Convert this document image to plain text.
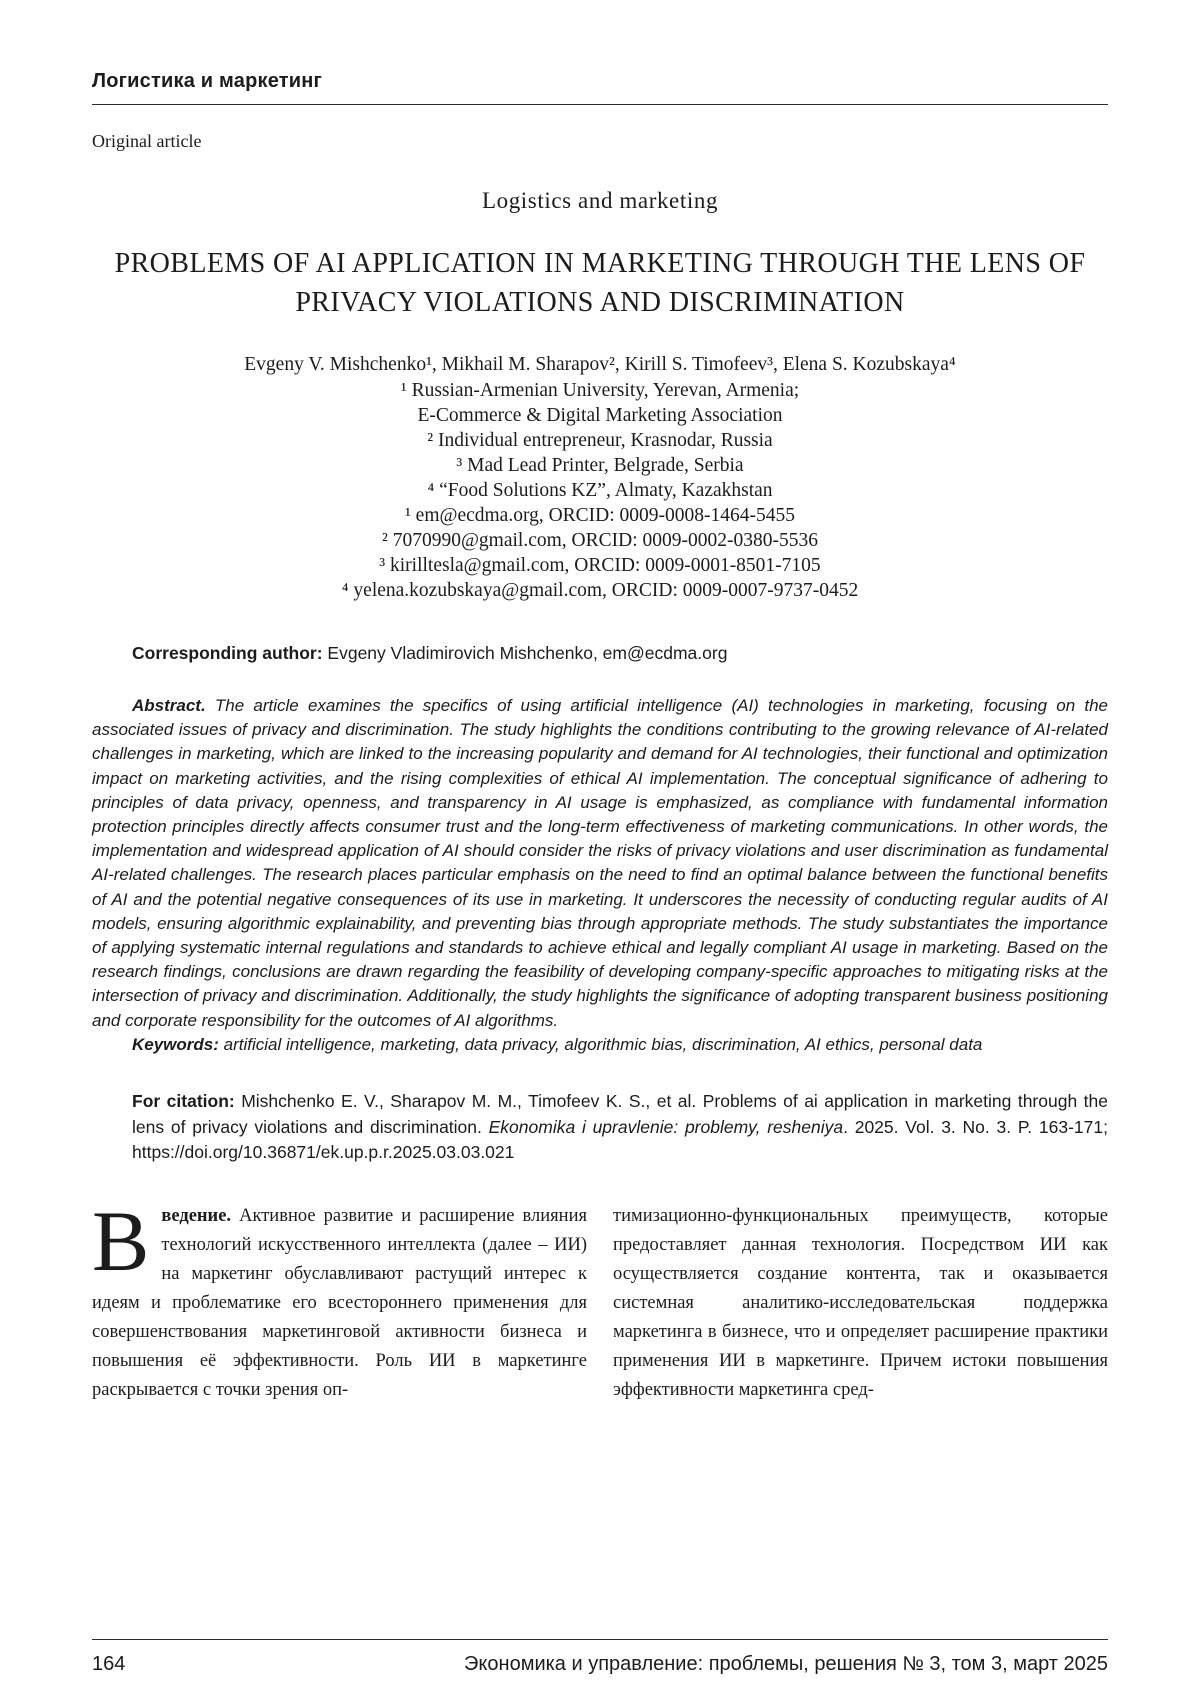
Логистика и маркетинг
Original article
Logistics and marketing
PROBLEMS OF AI APPLICATION IN MARKETING THROUGH THE LENS OF PRIVACY VIOLATIONS AND DISCRIMINATION
Evgeny V. Mishchenko¹, Mikhail M. Sharapov², Kirill S. Timofeev³, Elena S. Kozubskaya⁴
¹ Russian-Armenian University, Yerevan, Armenia;
E-Commerce & Digital Marketing Association
² Individual entrepreneur, Krasnodar, Russia
³ Mad Lead Printer, Belgrade, Serbia
⁴ “Food Solutions KZ”, Almaty, Kazakhstan
¹ em@ecdma.org, ORCID: 0009-0008-1464-5455
² 7070990@gmail.com, ORCID: 0009-0002-0380-5536
³ kirilltesla@gmail.com, ORCID: 0009-0001-8501-7105
⁴ yelena.kozubskaya@gmail.com, ORCID: 0009-0007-9737-0452
Corresponding author: Evgeny Vladimirovich Mishchenko, em@ecdma.org
Abstract. The article examines the specifics of using artificial intelligence (AI) technologies in marketing, focusing on the associated issues of privacy and discrimination. The study highlights the conditions contributing to the growing relevance of AI-related challenges in marketing, which are linked to the increasing popularity and demand for AI technologies, their functional and optimization impact on marketing activities, and the rising complexities of ethical AI implementation. The conceptual significance of adhering to principles of data privacy, openness, and transparency in AI usage is emphasized, as compliance with fundamental information protection principles directly affects consumer trust and the long-term effectiveness of marketing communications. In other words, the implementation and widespread application of AI should consider the risks of privacy violations and user discrimination as fundamental AI-related challenges. The research places particular emphasis on the need to find an optimal balance between the functional benefits of AI and the potential negative consequences of its use in marketing. It underscores the necessity of conducting regular audits of AI models, ensuring algorithmic explainability, and preventing bias through appropriate methods. The study substantiates the importance of applying systematic internal regulations and standards to achieve ethical and legally compliant AI usage in marketing. Based on the research findings, conclusions are drawn regarding the feasibility of developing company-specific approaches to mitigating risks at the intersection of privacy and discrimination. Additionally, the study highlights the significance of adopting transparent business positioning and corporate responsibility for the outcomes of AI algorithms.
Keywords: artificial intelligence, marketing, data privacy, algorithmic bias, discrimination, AI ethics, personal data
For citation: Mishchenko E. V., Sharapov M. M., Timofeev K. S., et al. Problems of ai application in marketing through the lens of privacy violations and discrimination. Ekonomika i upravlenie: problemy, resheniya. 2025. Vol. 3. No. 3. P. 163-171; https://doi.org/10.36871/ek.up.p.r.2025.03.03.021
Введение. Активное развитие и расширение влияния технологий искусственного интеллекта (далее – ИИ) на маркетинг обуславливают растущий интерес к идеям и проблематике его всестороннего применения для совершенствования маркетинговой активности бизнеса и повышения её эффективности. Роль ИИ в маркетинге раскрывается с точки зрения оп-
тимизационно-функциональных преимуществ, которые предоставляет данная технология. Посредством ИИ как осуществляется создание контента, так и оказывается системная аналитико-исследовательская поддержка маркетинга в бизнесе, что и определяет расширение практики применения ИИ в маркетинге. Причем истоки повышения эффективности маркетинга сред-
164	Экономика и управление: проблемы, решения № 3, том 3, март 2025
